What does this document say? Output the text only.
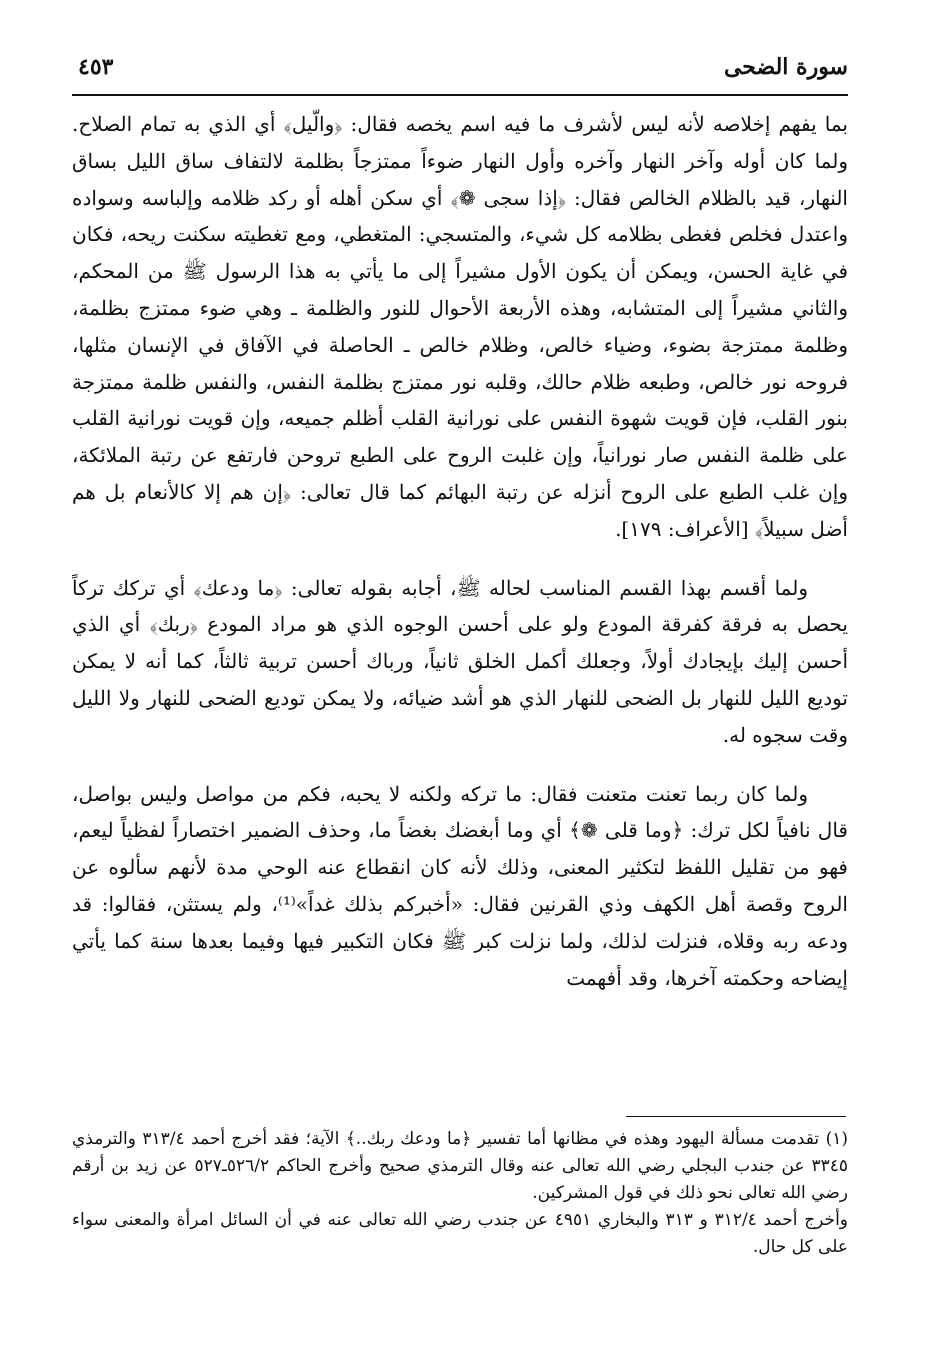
سورة الضحى
٤٥٣

بما يفهم إخلاصه لأنه ليس لأشرف ما فيه اسم يخصه فقال: ﴿والّيل﴾ أي الذي به تمام الصلاح. ولما كان أوله وآخر النهار وآخره وأول النهار ضوءاً ممتزجاً بظلمة لالتفاف ساق الليل بساق النهار، قيد بالظلام الخالص فقال: ﴿إذا سجى ❁﴾ أي سكن أهله أو ركد ظلامه وإلباسه وسواده واعتدل فخلص فغطى بظلامه كل شيء، والمتسجي: المتغطي، ومع تغطيته سكنت ريحه، فكان في غاية الحسن، ويمكن أن يكون الأول مشيراً إلى ما يأتي به هذا الرسول ﷺ من المحكم، والثاني مشيراً إلى المتشابه، وهذه الأربعة الأحوال للنور والظلمة ـ وهي ضوء ممتزج بظلمة، وظلمة ممتزجة بضوء، وضياء خالص، وظلام خالص ـ الحاصلة في الآفاق في الإنسان مثلها، فروحه نور خالص، وطبعه ظلام حالك، وقلبه نور ممتزج بظلمة النفس، والنفس ظلمة ممتزجة بنور القلب، فإن قويت شهوة النفس على نورانية القلب أظلم جميعه، وإن قويت نورانية القلب على ظلمة النفس صار نورانياً، وإن غلبت الروح على الطبع تروحن فارتفع عن رتبة الملائكة، وإن غلب الطبع على الروح أنزله عن رتبة البهائم كما قال تعالى: ﴿إن هم إلا كالأنعام بل هم أضل سبيلاً﴾ [الأعراف: ١٧٩].

ولما أقسم بهذا القسم المناسب لحاله ﷺ، أجابه بقوله تعالى: ﴿ما ودعك﴾ أي تركك تركاً يحصل به فرقة كفرقة المودع ولو على أحسن الوجوه الذي هو مراد المودع ﴿ربك﴾ أي الذي أحسن إليك بإيجادك أولاً، وجعلك أكمل الخلق ثانياً، ورباك أحسن تربية ثالثاً، كما أنه لا يمكن توديع الليل للنهار بل الضحى للنهار الذي هو أشد ضيائه، ولا يمكن توديع الضحى للنهار ولا الليل وقت سجوه له.

ولما كان ربما تعنت متعنت فقال: ما تركه ولكنه لا يحبه، فكم من مواصل وليس بواصل، قال نافياً لكل ترك: ﴿وما قلى ❁﴾ أي وما أبغضك بغضاً ما، وحذف الضمير اختصاراً لفظياً ليعم، فهو من تقليل اللفظ لتكثير المعنى، وذلك لأنه كان انقطاع عنه الوحي مدة لأنهم سألوه عن الروح وقصة أهل الكهف وذي القرنين فقال: «أخبركم بذلك غداً»⁽¹⁾، ولم يستثن، فقالوا: قد ودعه ربه وقلاه، فنزلت لذلك، ولما نزلت كبر ﷺ فكان التكبير فيها وفيما بعدها سنة كما يأتي إيضاحه وحكمته آخرها، وقد أفهمت

(١) تقدمت مسألة اليهود وهذه في مظانها أما تفسير ﴿ما ودعك ربك..﴾ الآية؛ فقد أخرج أحمد ٣١٣/٤ والترمذي ٣٣٤٥ عن جندب البجلي رضي الله تعالى عنه وقال الترمذي صحيح وأخرج الحاكم ٥٢٦/٢ـ٥٢٧ عن زيد بن أرقم رضي الله تعالى نحو ذلك في قول المشركين.

وأخرج أحمد ٣١٢/٤ و ٣١٣ والبخاري ٤٩٥١ عن جندب رضي الله تعالى عنه في أن السائل امرأة والمعنى سواء على كل حال.
